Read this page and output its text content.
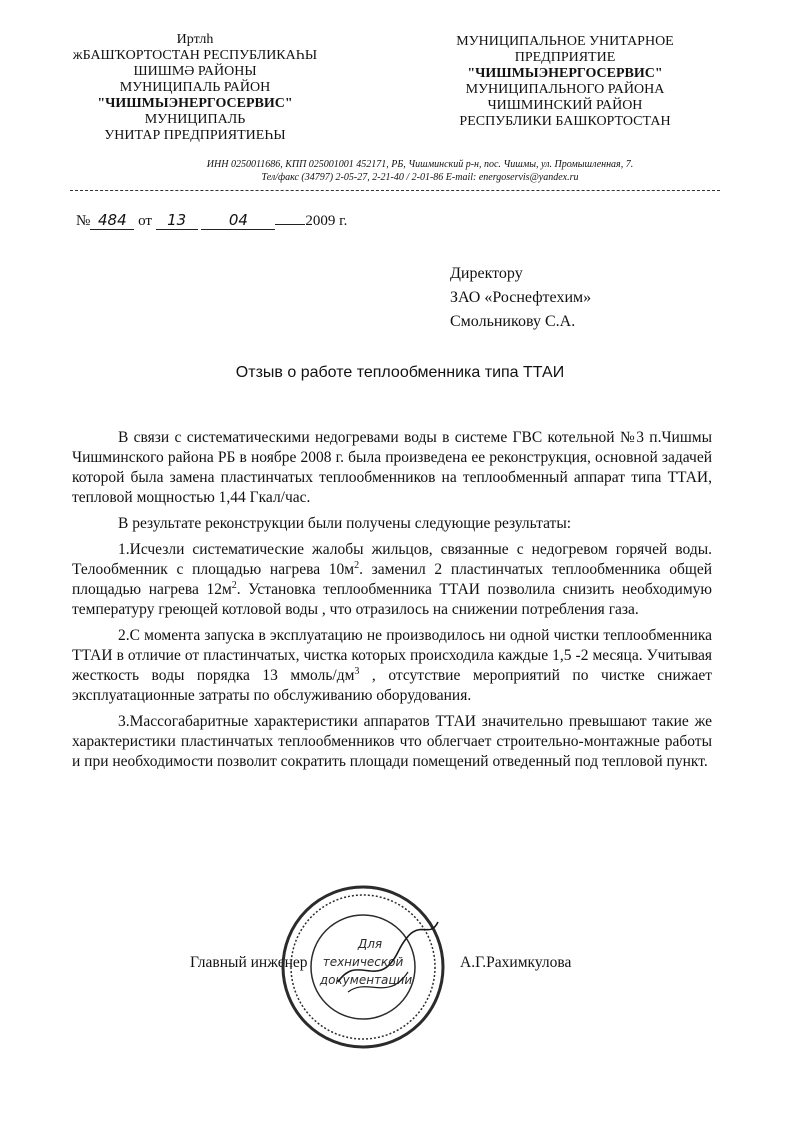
Иртлһ
жБАШҠОРТОСТАН РЕСПУБЛИКАҺЫ
ШИШМӘ РАЙОНЫ
МУНИЦИПАЛЬ РАЙОН
"ЧИШМЫЭНЕРГОСЕРВИС"
МУНИЦИПАЛЬ
УНИТАР ПРЕДПРИЯТИЕҺЫ
МУНИЦИПАЛЬНОЕ УНИТАРНОЕ
ПРЕДПРИЯТИЕ
"ЧИШМЫЭНЕРГОСЕРВИС"
МУНИЦИПАЛЬНОГО РАЙОНА
ЧИШМИНСКИЙ РАЙОН
РЕСПУБЛИКИ БАШКОРТОСТАН
ИНН 0250011686, КПП 025001001 452171, РБ, Чишминский р-н, пос. Чишмы, ул. Промышленная, 7.
Тел/факс (34797) 2-05-27, 2-21-40 / 2-01-86 E-mail: energoservis@yandex.ru
№ 484 от 13	04	2009 г.
Директору
ЗАО «Роснефтехим»
Смольникову С.А.
Отзыв о работе теплообменника типа ТТАИ

В связи с систематическими недогревами воды в системе ГВС котельной №3 п.Чишмы Чишминского района РБ в ноябре 2008 г. была произведена ее реконструкция, основной задачей которой была замена пластинчатых теплообменников на теплообменный аппарат типа ТТАИ, тепловой мощностью 1,44 Гкал/час.

В результате реконструкции были получены следующие результаты:

1.Исчезли систематические жалобы жильцов, связанные с недогревом горячей воды. Телообменник с площадью нагрева $10м^2$. заменил 2 пластинчатых теплообменника общей площадью нагрева $12м^2$. Установка теплообменника ТТАИ позволила снизить необходимую температуру греющей котловой воды , что отразилось на снижении потребления газа.

2.С момента запуска в эксплуатацию не производилось ни одной чистки теплообменника ТТАИ в отличие от пластинчатых, чистка которых происходила каждые 1,5 -2 месяца. Учитывая жесткость воды порядка 13 ммоль/$дм^3$ , отсутствие мероприятий по чистке снижает эксплуатационные затраты по обслуживанию оборудования.

3.Массогабаритные характеристики аппаратов ТТАИ значительно превышают такие же характеристики пластинчатых теплообменников что облегчает строительно-монтажные работы и при необходимости позволит сократить площади помещений отведенный под тепловой пункт.

Главный инженер	А.Г.Рахимкулова
Для
технической
документации
